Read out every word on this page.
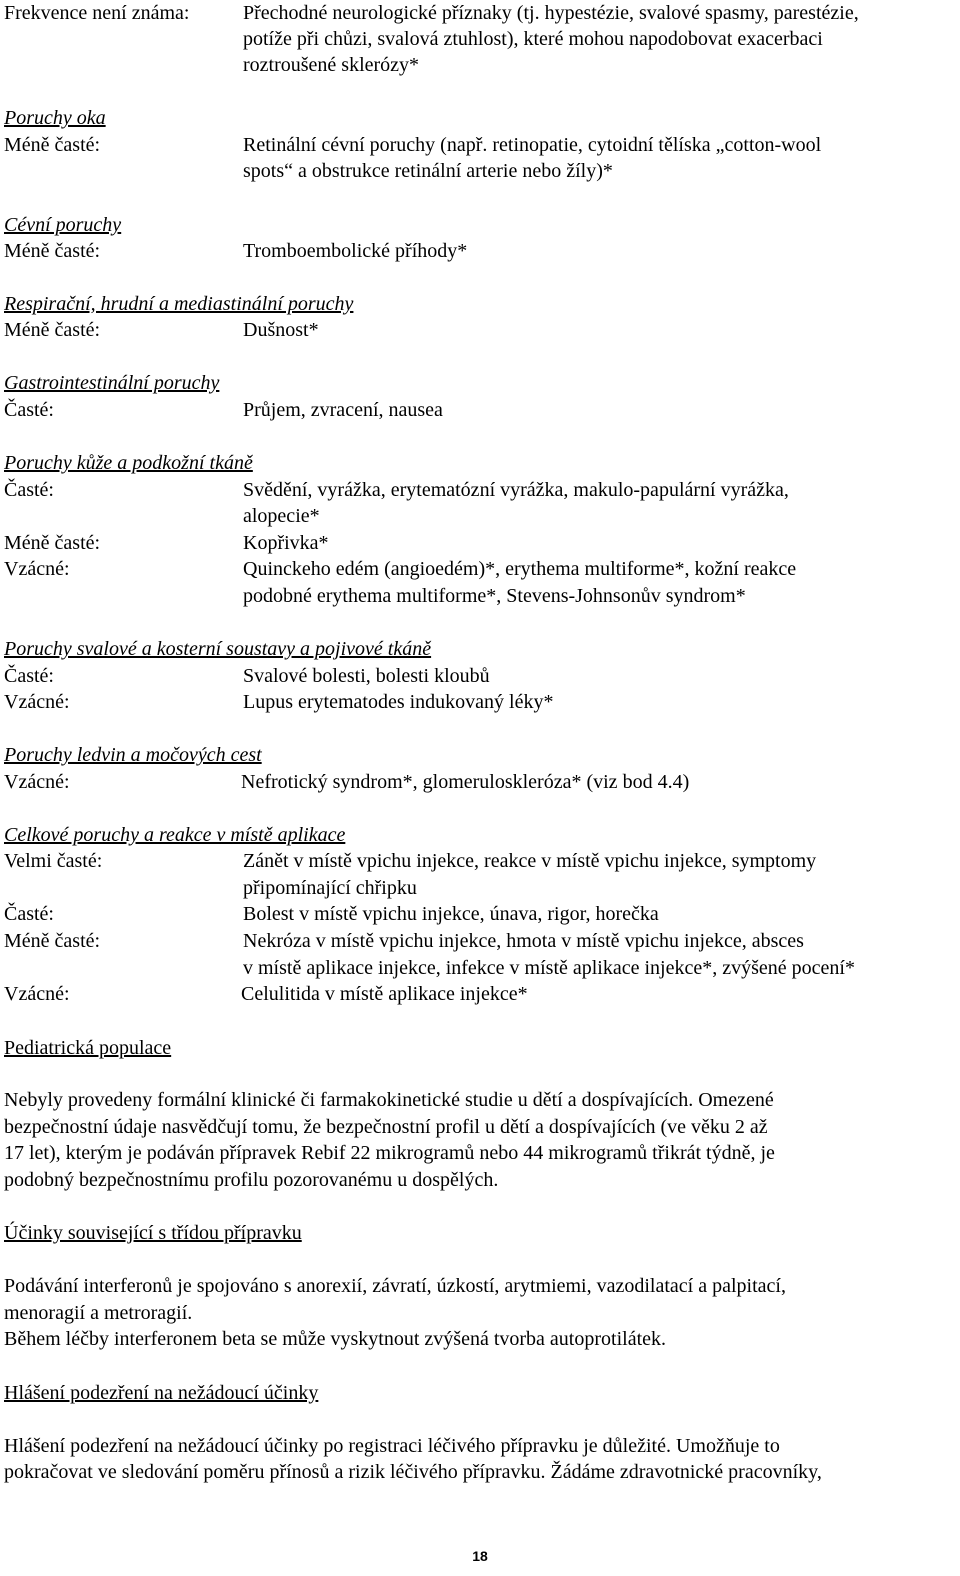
Frekvence není známa:	Přechodné neurologické příznaky (tj. hypestézie, svalové spasmy, parestézie,

potíže při chůzi, svalová ztuhlost), které mohou napodobovat exacerbaci

roztroušené sklerózy*

Poruchy oka

Méně časté:	Retinální cévní poruchy (např. retinopatie, cytoidní tělíska „cotton-wool

spots“ a obstrukce retinální arterie nebo žíly)*

Cévní poruchy

Méně časté:	Tromboembolické příhody*

Respirační, hrudní a mediastinální poruchy

Méně časté:	Dušnost*

Gastrointestinální poruchy

Časté:	Průjem, zvracení, nausea

Poruchy kůže a podkožní tkáně

Časté:	Svědění, vyrážka, erytematózní vyrážka, makulo-papulární vyrážka,

alopecie*

Méně časté:	Kopřivka*

Vzácné:	Quinckeho edém (angioedém)*, erythema multiforme*, kožní reakce

podobné erythema multiforme*, Stevens-Johnsonův syndrom*

Poruchy svalové a kosterní soustavy a pojivové tkáně

Časté:	Svalové bolesti, bolesti kloubů

Vzácné:	Lupus erytematodes indukovaný léky*

Poruchy ledvin a močových cest

Vzácné:	Nefrotický syndrom*, glomeruloskleróza* (viz bod 4.4)

Celkové poruchy a reakce v místě aplikace

Velmi časté:	Zánět v místě vpichu injekce, reakce v místě vpichu injekce, symptomy

připomínající chřipku

Časté:	Bolest v místě vpichu injekce, únava, rigor, horečka

Méně časté:	Nekróza v místě vpichu injekce, hmota v místě vpichu injekce, absces

v místě aplikace injekce, infekce v místě aplikace injekce*, zvýšené pocení*

Vzácné:	Celulitida v místě aplikace injekce*

Pediatrická populace

Nebyly provedeny formální klinické či farmakokinetické studie u dětí a dospívajících. Omezené

bezpečnostní údaje nasvědčují tomu, že bezpečnostní profil u dětí a dospívajících (ve věku 2 až

17 let), kterým je podáván přípravek Rebif 22 mikrogramů nebo 44 mikrogramů třikrát týdně, je

podobný bezpečnostnímu profilu pozorovanému u dospělých.

Účinky související s třídou přípravku

Podávání interferonů je spojováno s anorexií, závratí, úzkostí, arytmiemi, vazodilatací a palpitací,

menoragií a metroragií.

Během léčby interferonem beta se může vyskytnout zvýšená tvorba autoprotilátek.

Hlášení podezření na nežádoucí účinky

Hlášení podezření na nežádoucí účinky po registraci léčivého přípravku je důležité. Umožňuje to

pokračovat ve sledování poměru přínosů a rizik léčivého přípravku. Žádáme zdravotnické pracovníky,

18
